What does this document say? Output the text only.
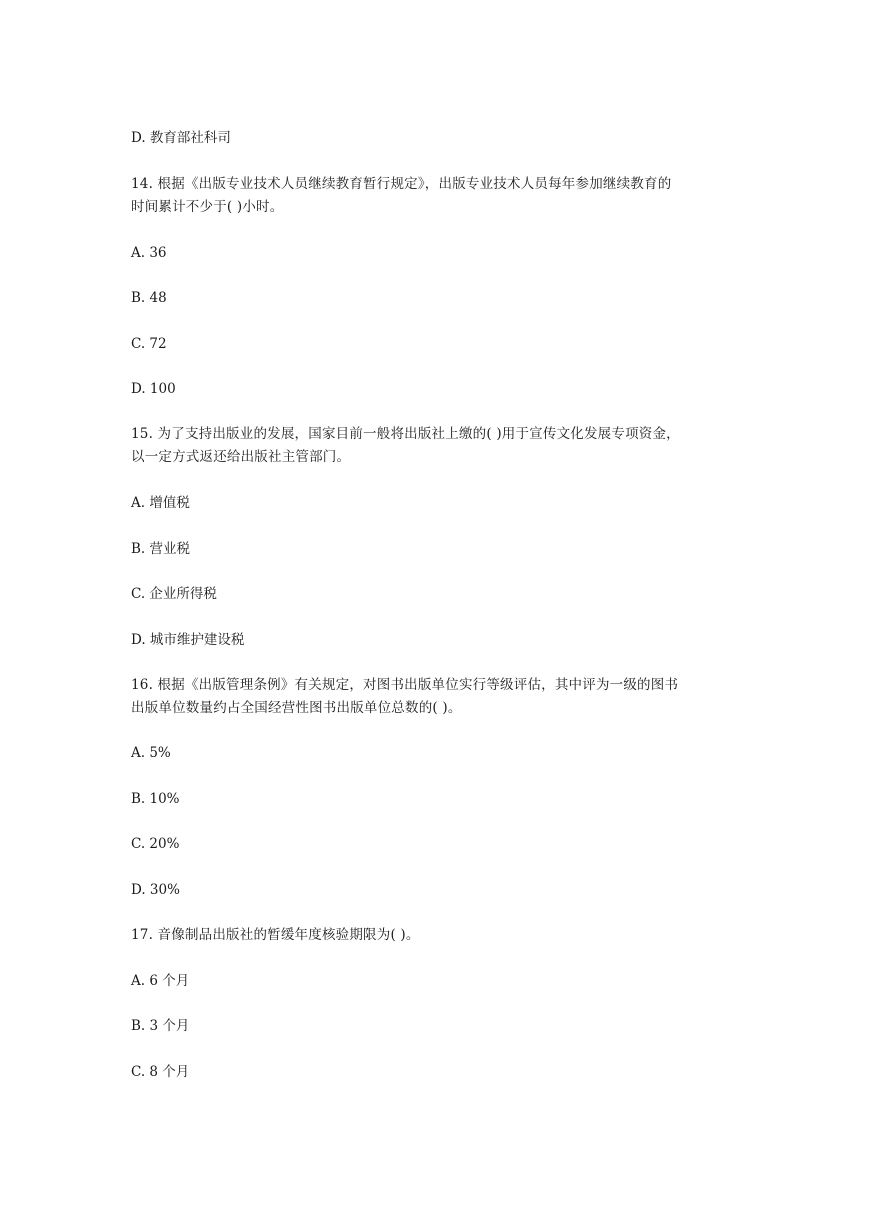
D. 教育部社科司
14. 根据《出版专业技术人员继续教育暂行规定》，出版专业技术人员每年参加继续教育的
时间累计不少于( )小时。
A. 36
B. 48
C. 72
D. 100
15. 为了支持出版业的发展，国家目前一般将出版社上缴的( )用于宣传文化发展专项资金，
以一定方式返还给出版社主管部门。
A. 增值税
B. 营业税
C. 企业所得税
D. 城市维护建设税
16. 根据《出版管理条例》有关规定，对图书出版单位实行等级评估，其中评为一级的图书
出版单位数量约占全国经营性图书出版单位总数的( )。
A. 5%
B. 10%
C. 20%
D. 30%
17. 音像制品出版社的暂缓年度核验期限为( )。
A. 6 个月
B. 3 个月
C. 8 个月
